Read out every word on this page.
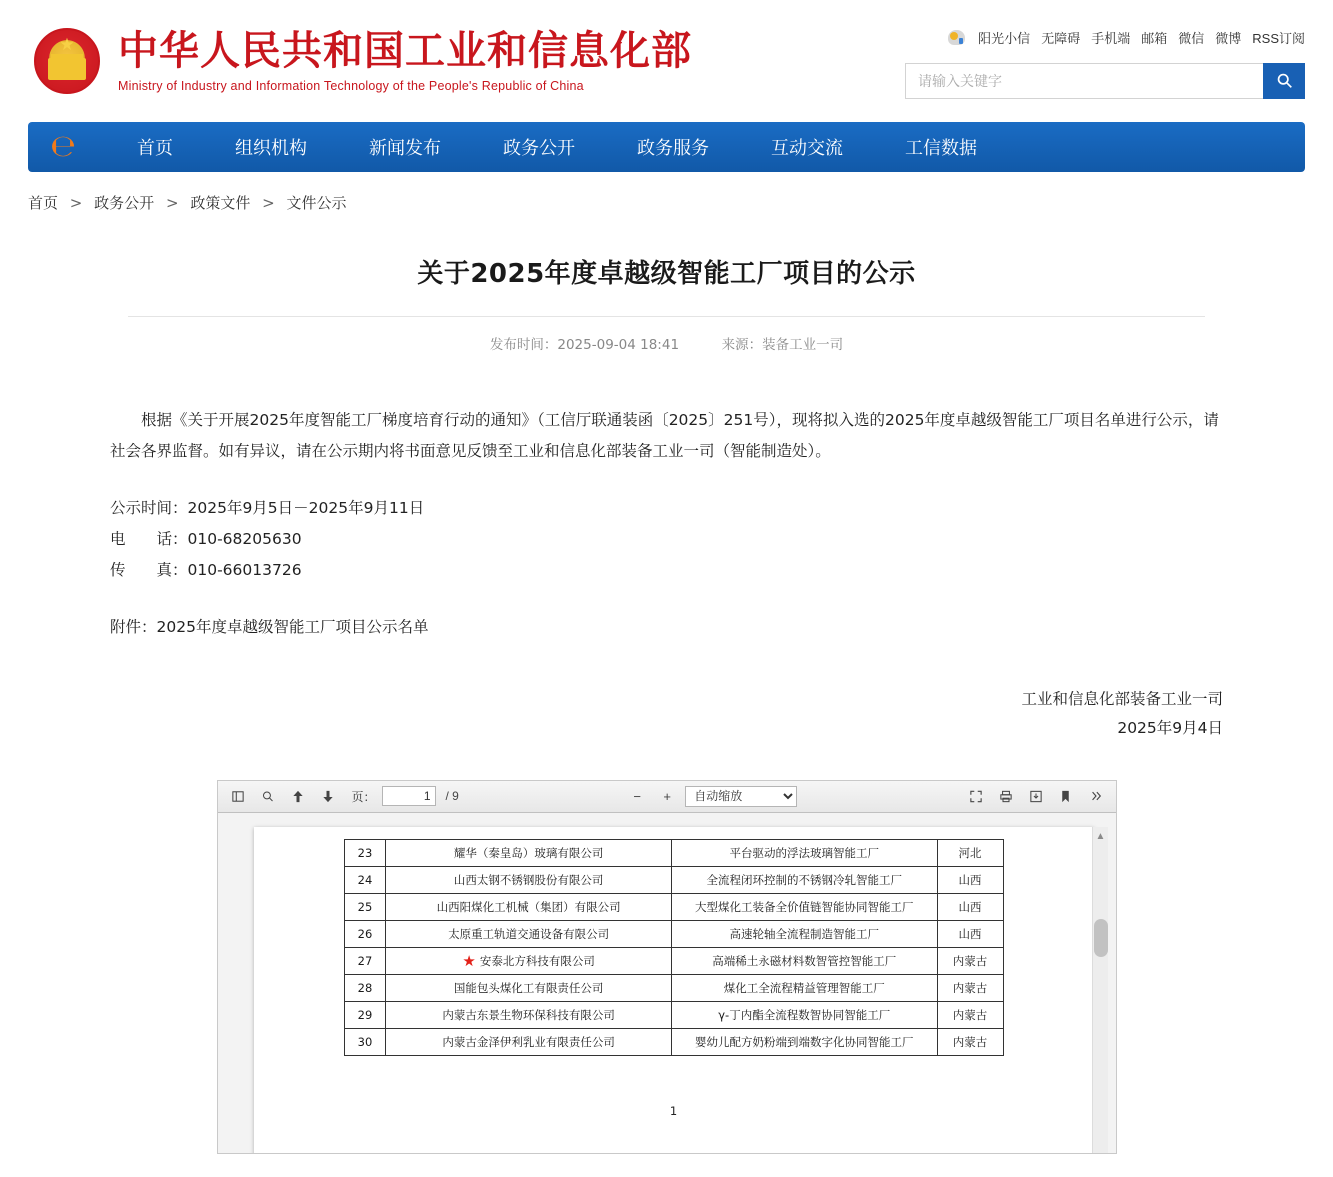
★
中华人民共和国工业和信息化部
Ministry of Industry and Information Technology of the People's Republic of China
阳光小信 无障碍 手机端 邮箱 微信 微博 RSS订阅
请输入关键字
℮	首页	组织机构	新闻发布	政务公开	政务服务	互动交流	工信数据
首页 > 政务公开 > 政策文件 > 文件公示
关于2025年度卓越级智能工厂项目的公示
发布时间：2025-09-04 18:41	来源：装备工业一司

根据《关于开展2025年度智能工厂梯度培育行动的通知》（工信厅联通装函〔2025〕251号），现将拟入选的2025年度卓越级智能工厂项目名单进行公示，请社会各界监督。如有异议，请在公示期内将书面意见反馈至工业和信息化部装备工业一司（智能制造处）。

公示时间：2025年9月5日－2025年9月11日

电　　话：010-68205630

传　　真：010-66013726

附件：2025年度卓越级智能工厂项目公示名单

工业和信息化部装备工业一司
2025年9月4日
页：
1	/ 9	−	+
自动缩放
23	耀华（秦皇岛）玻璃有限公司	平台驱动的浮法玻璃智能工厂	河北
24	山西太钢不锈钢股份有限公司	全流程闭环控制的不锈钢冷轧智能工厂	山西
25	山西阳煤化工机械（集团）有限公司	大型煤化工装备全价值链智能协同智能工厂	山西
26	太原重工轨道交通设备有限公司	高速轮轴全流程制造智能工厂	山西
27	★ 安泰北方科技有限公司	高端稀土永磁材料数智管控智能工厂	内蒙古
28	国能包头煤化工有限责任公司	煤化工全流程精益管理智能工厂	内蒙古
29	内蒙古东景生物环保科技有限公司	γ-丁内酯全流程数智协同智能工厂	内蒙古
30	内蒙古金泽伊利乳业有限责任公司	婴幼儿配方奶粉端到端数字化协同智能工厂	内蒙古
1
▲
